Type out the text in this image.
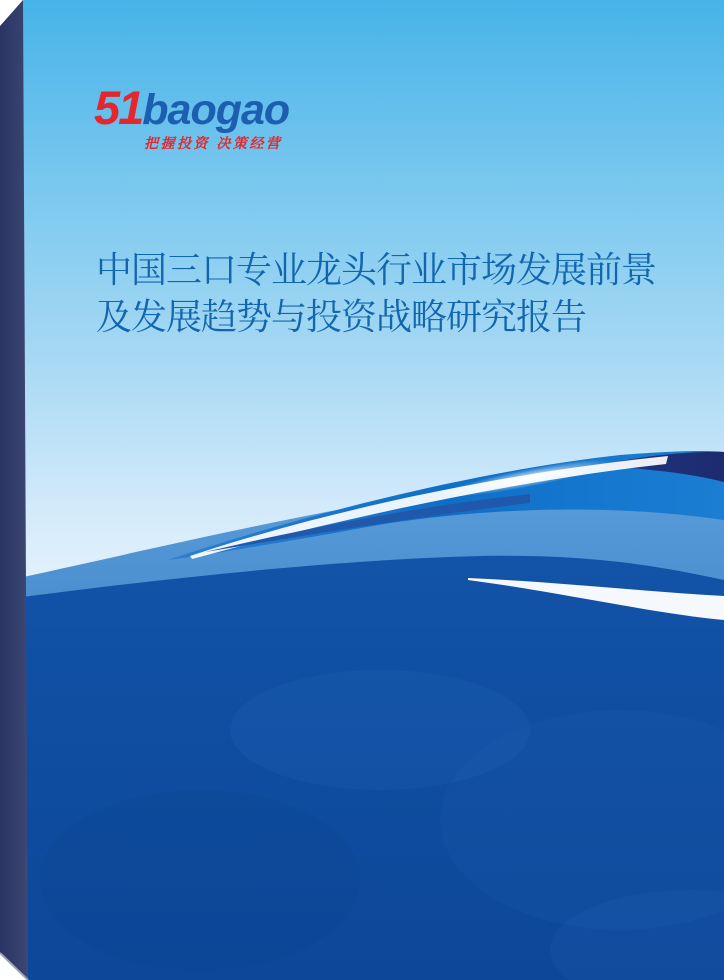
51baogao
把握投资 决策经营
中国三口专业龙头行业市场发展前景
及发展趋势与投资战略研究报告
